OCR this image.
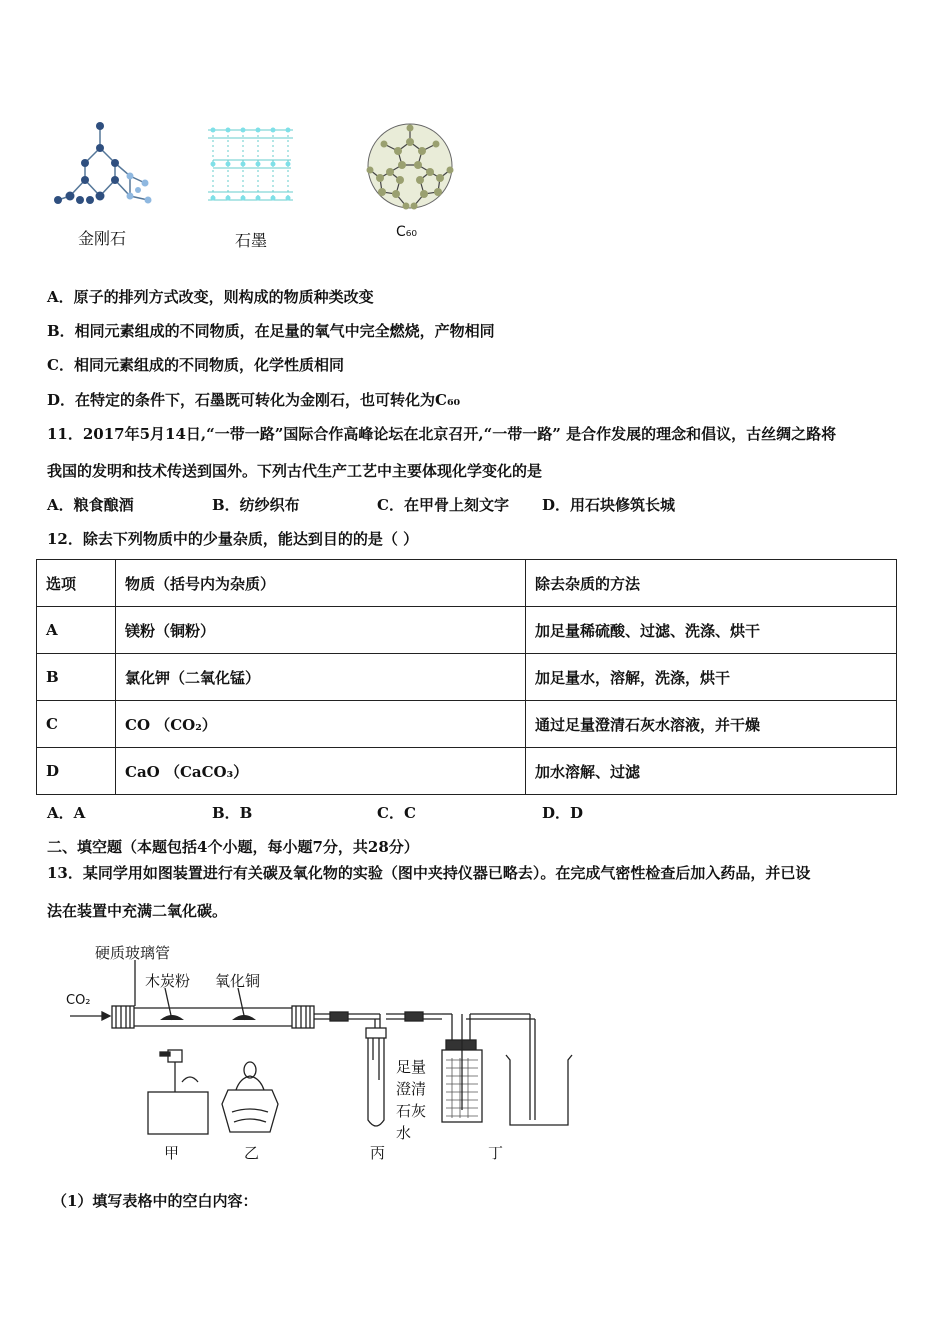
金刚石	石墨	C₆₀
A．原子的排列方式改变，则构成的物质种类改变
B．相同元素组成的不同物质，在足量的氧气中完全燃烧，产物相同
C．相同元素组成的不同物质，化学性质相同
D．在特定的条件下，石墨既可转化为金刚石，也可转化为C₆₀
11．2017年5月14日,“一带一路”国际合作高峰论坛在北京召开,“一带一路” 是合作发展的理念和倡议，古丝绸之路将
我国的发明和技术传送到国外。下列古代生产工艺中主要体现化学变化的是
A．粮食酿酒	B．纺纱织布	C．在甲骨上刻文字 D．用石块修筑长城
12．除去下列物质中的少量杂质，能达到目的的是（ ）
选项	物质（括号内为杂质）	除去杂质的方法
A	镁粉（铜粉）	加足量稀硫酸、过滤、洗涤、烘干
B	氯化钾（二氧化锰）	加足量水，溶解，洗涤，烘干
C	CO （CO₂）	通过足量澄清石灰水溶液，并干燥
D	CaO （CaCO₃）	加水溶解、过滤
A．A	B．B	C．C	D．D
二、填空题（本题包括4个小题，每小题7分，共28分）
13．某同学用如图装置进行有关碳及氧化物的实验（图中夹持仪器已略去）。在完成气密性检查后加入药品，并已设
法在装置中充满二氧化碳。
硬质玻璃管
木炭粉 氧化铜
CO₂
足量
澄清
石灰
水
甲	乙	丙	丁
（1）填写表格中的空白内容：
